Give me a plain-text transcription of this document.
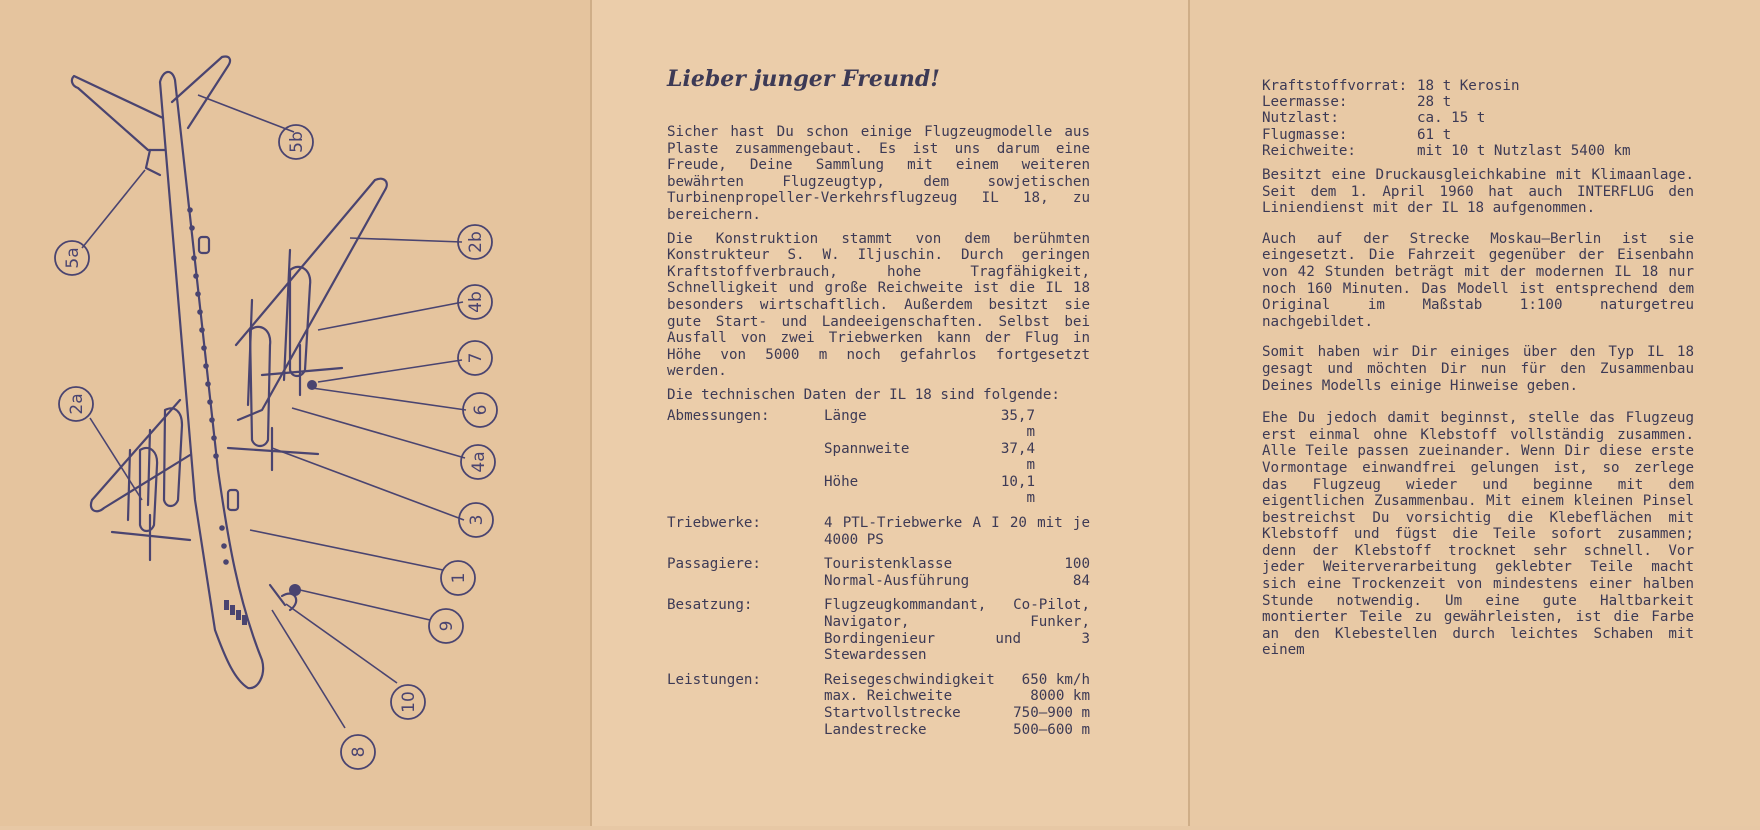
5b
5a
2b
4b
7
6
2a
4a
3
1
9
10
8
Lieber junger Freund!

Sicher hast Du schon einige Flugzeugmodelle aus Plaste zusammengebaut. Es ist uns darum eine Freude, Deine Sammlung mit einem weiteren bewährten Flugzeugtyp, dem sowjetischen Turbinenpropeller-Verkehrsflugzeug IL 18, zu bereichern.

Die Konstruktion stammt von dem berühmten Konstrukteur S. W. Iljuschin. Durch geringen Kraftstoffverbrauch, hohe Tragfähigkeit, Schnelligkeit und große Reichweite ist die IL 18 besonders wirtschaftlich. Außerdem besitzt sie gute Start- und Landeeigenschaften. Selbst bei Ausfall von zwei Triebwerken kann der Flug in Höhe von 5000 m noch gefahrlos fortgesetzt werden.

Die technischen Daten der IL 18 sind folgende:

Abmessungen:	Länge	35,7 m
	Spannweite	37,4 m
	Höhe	10,1 m

Triebwerke:	4 PTL-Triebwerke A I 20 mit je 4000 PS	

Passagiere:	Touristenklasse	100
	Normal-Ausführung	84

Besatzung:	Flugzeugkommandant, Co-Pilot, Navigator, Funker, Bordingenieur und 3 Stewardessen	

Leistungen:	Reisegeschwindigkeit	650 km/h
	max. Reichweite	8000 km
	Startvollstrecke	750—900 m
	Landestrecke	500—600 m
Kraftstoffvorrat:	18 t Kerosin
Leermasse:	28 t
Nutzlast:	ca. 15 t
Flugmasse:	61 t
Reichweite:	mit 10 t Nutzlast 5400 km

Besitzt eine Druckausgleichkabine mit Klimaanlage. Seit dem 1. April 1960 hat auch INTERFLUG den Liniendienst mit der IL 18 aufgenommen.

Auch auf der Strecke Moskau—Berlin ist sie eingesetzt. Die Fahrzeit gegenüber der Eisenbahn von 42 Stunden beträgt mit der modernen IL 18 nur noch 160 Minuten. Das Modell ist entsprechend dem Original im Maßstab 1:100 naturgetreu nachgebildet.

Somit haben wir Dir einiges über den Typ IL 18 gesagt und möchten Dir nun für den Zusammenbau Deines Modells einige Hinweise geben.

Ehe Du jedoch damit beginnst, stelle das Flugzeug erst einmal ohne Klebstoff vollständig zusammen. Alle Teile passen zueinander. Wenn Dir diese erste Vormontage einwandfrei gelungen ist, so zerlege das Flugzeug wieder und beginne mit dem eigentlichen Zusammenbau. Mit einem kleinen Pinsel bestreichst Du vorsichtig die Klebeflächen mit Klebstoff und fügst die Teile sofort zusammen; denn der Klebstoff trocknet sehr schnell. Vor jeder Weiterverarbeitung geklebter Teile macht sich eine Trockenzeit von mindestens einer halben Stunde notwendig. Um eine gute Haltbarkeit montierter Teile zu gewährleisten, ist die Farbe an den Klebestellen durch leichtes Schaben mit einem
